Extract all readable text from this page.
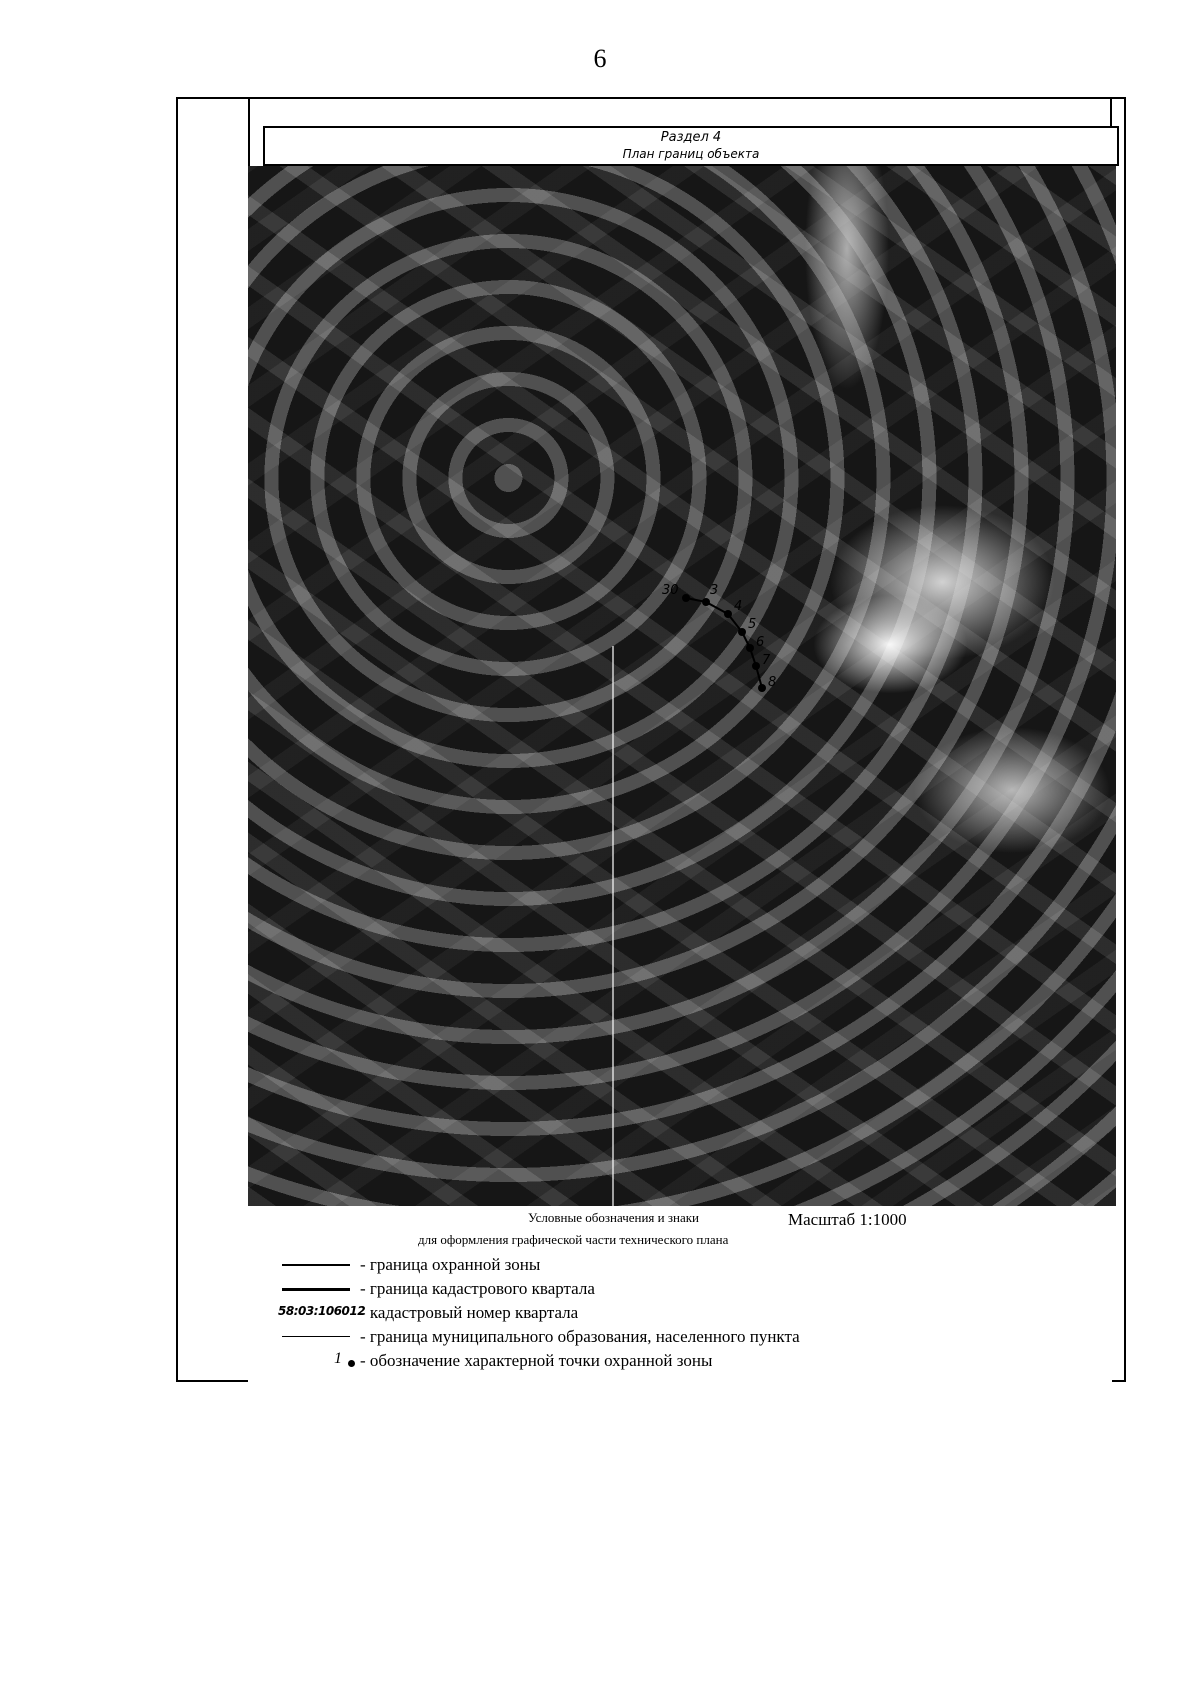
6
Раздел 4
План границ объекта
30 3
4
5
6
7
8
Условные обозначения и знаки	Масштаб 1:1000
для оформления графической части технического плана
- граница охранной зоны
- граница кадастрового квартала
58:03:106012
- кадастровый номер квартала
- граница муниципального образования, населенного пункта
1 - обозначение характерной точки охранной зоны
